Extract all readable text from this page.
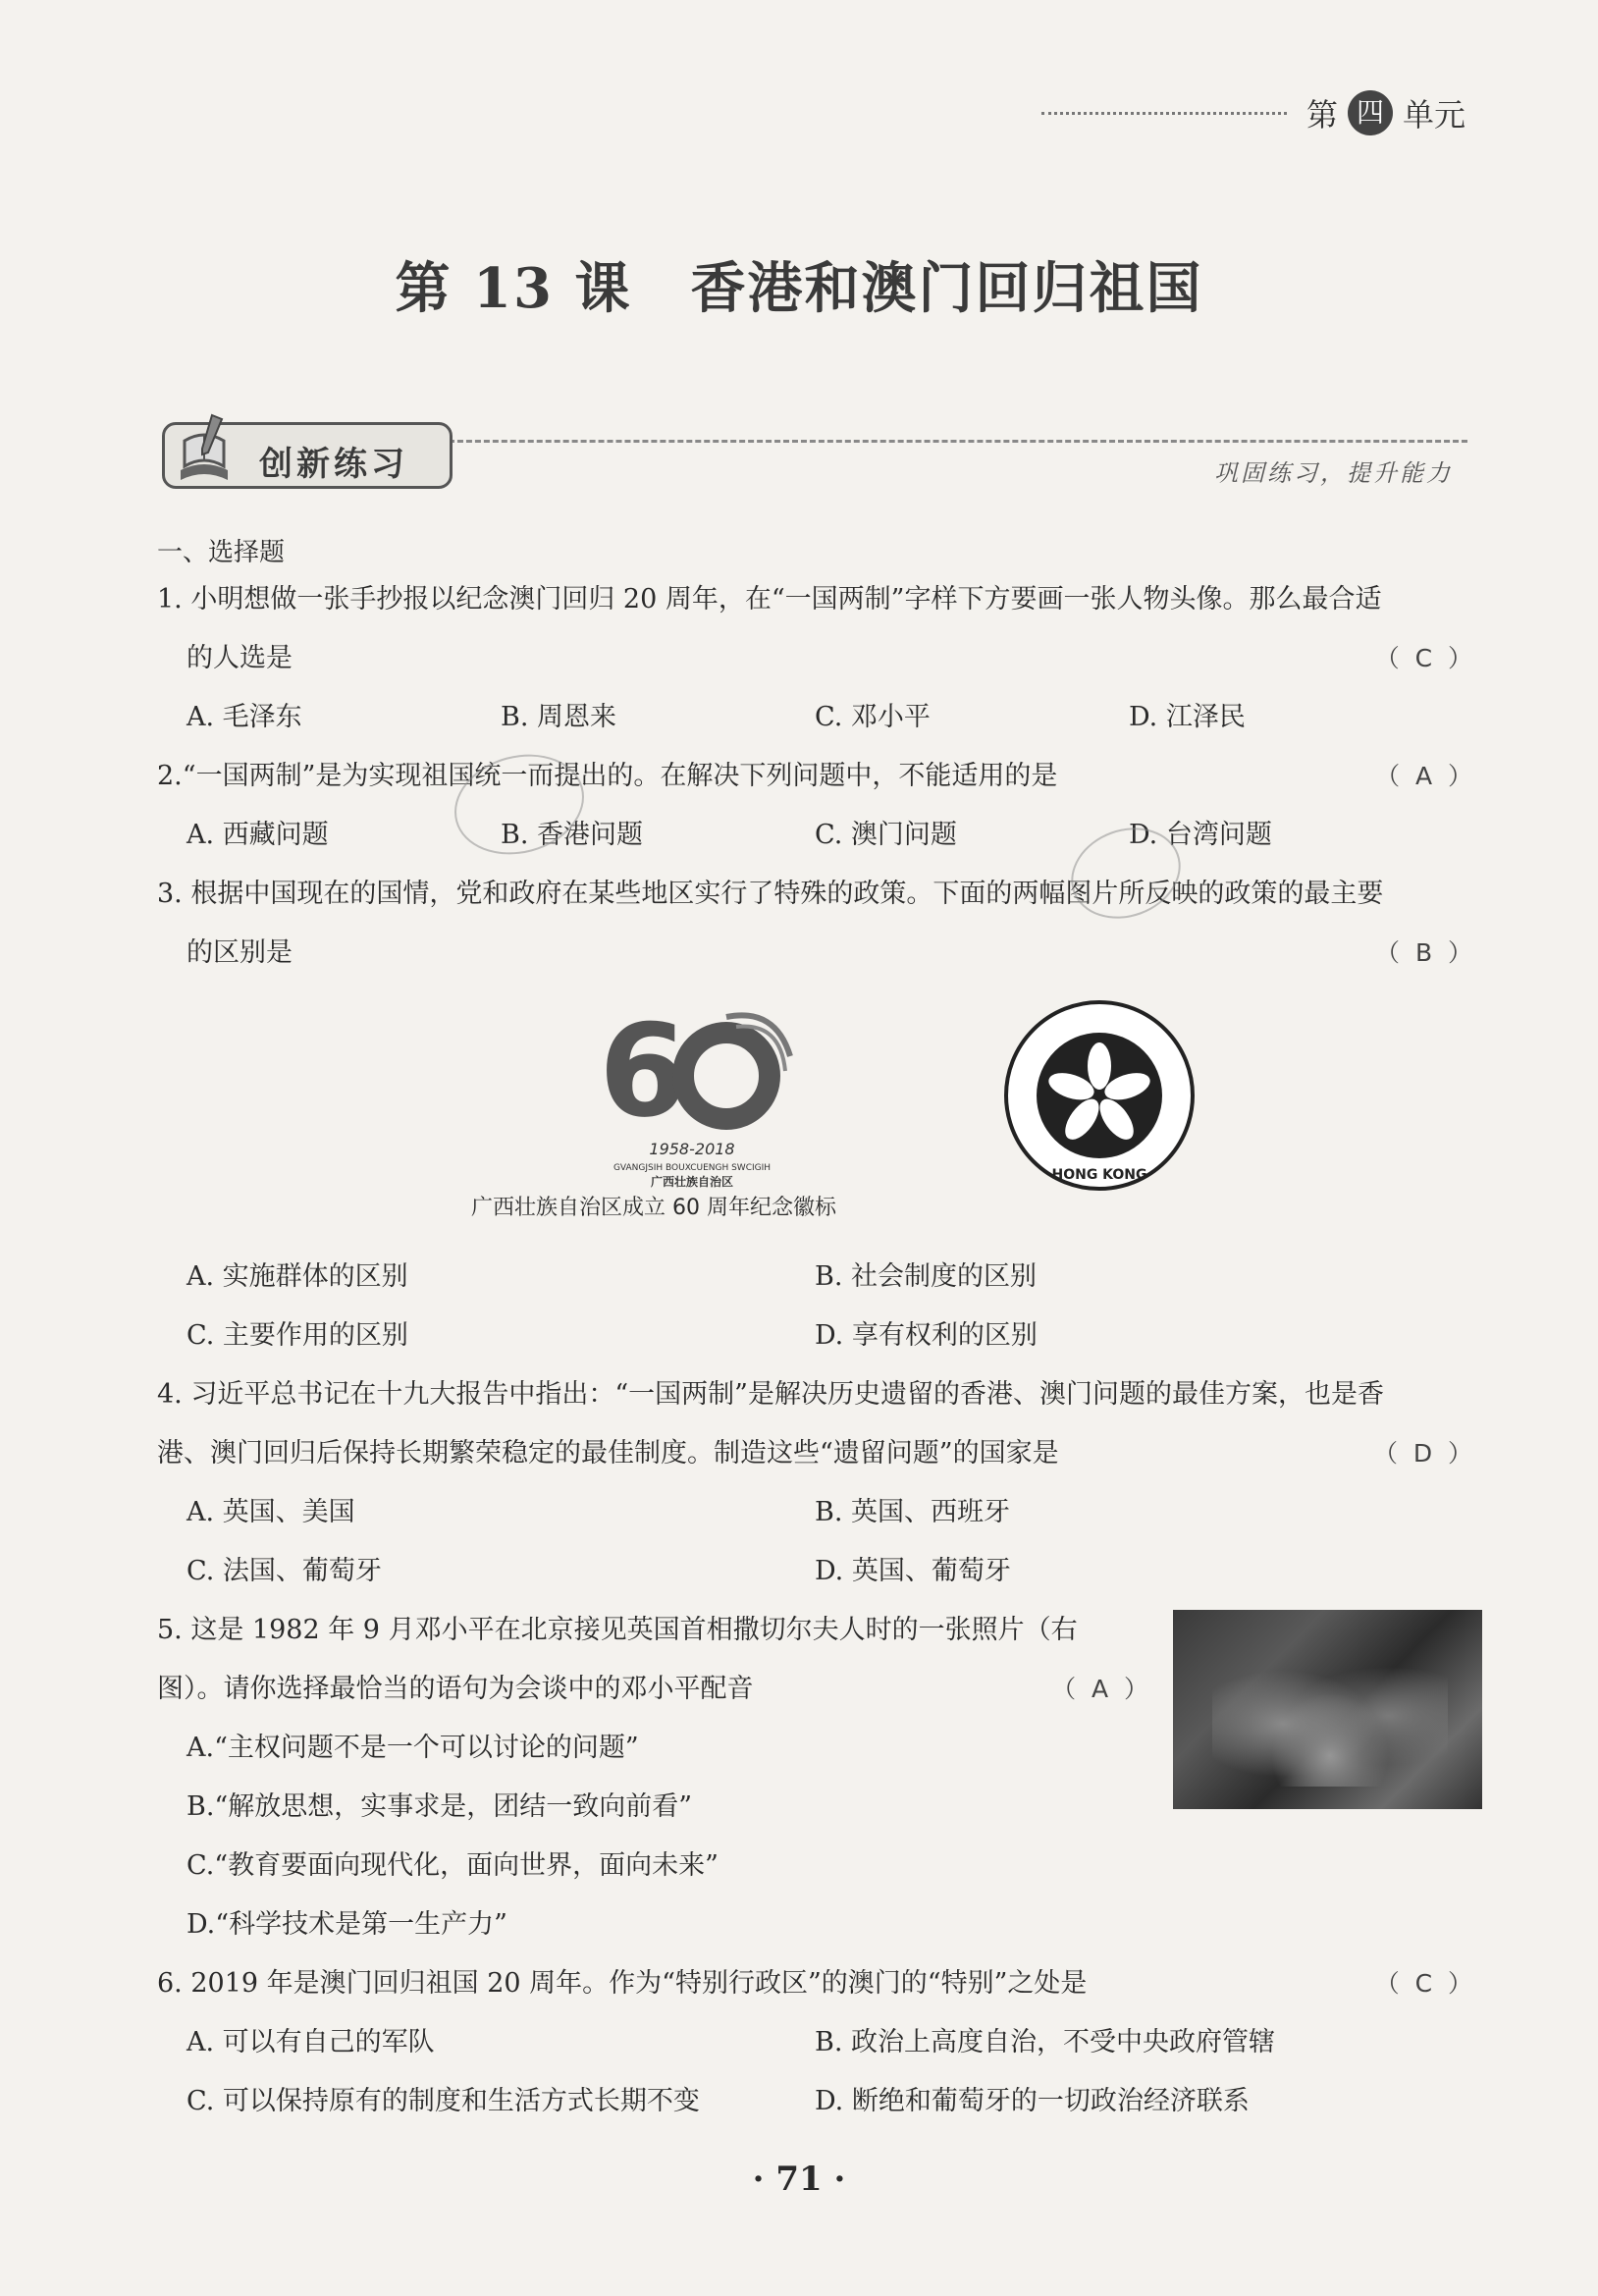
第 四 单元
第 13 课 香港和澳门回归祖国
创新练习	巩固练习，提升能力

一、选择题

1. 小明想做一张手抄报以纪念澳门回归 20 周年，在“一国两制”字样下方要画一张人物头像。那么最合适

的人选是	（  C  ）

A. 毛泽东	B. 周恩来	C. 邓小平	D. 江泽民

2.“一国两制”是为实现祖国统一而提出的。在解决下列问题中，不能适用的是	（  A  ）

A. 西藏问题	B. 香港问题	C. 澳门问题	D. 台湾问题

3. 根据中国现在的国情，党和政府在某些地区实行了特殊的政策。下面的两幅图片所反映的政策的最主要

的区别是	（  B  ）

6
1958-2018
GVANGJSIH BOUXCUENGH SWCIGIH
广西壮族自治区
广西壮族自治区成立 60 周年纪念徽标
HONG KONG
A. 实施群体的区别	B. 社会制度的区别
C. 主要作用的区别	D. 享有权利的区别

4. 习近平总书记在十九大报告中指出：“一国两制”是解决历史遗留的香港、澳门问题的最佳方案，也是香

港、澳门回归后保持长期繁荣稳定的最佳制度。制造这些“遗留问题”的国家是	（  D  ）

A. 英国、美国	B. 英国、西班牙
C. 法国、葡萄牙	D. 英国、葡萄牙

5. 这是 1982 年 9 月邓小平在北京接见英国首相撒切尔夫人时的一张照片（右

图）。请你选择最恰当的语句为会谈中的邓小平配音	（  A  ）

A.“主权问题不是一个可以讨论的问题”

B.“解放思想，实事求是，团结一致向前看”

C.“教育要面向现代化，面向世界，面向未来”

D.“科学技术是第一生产力”

6. 2019 年是澳门回归祖国 20 周年。作为“特别行政区”的澳门的“特别”之处是	（  C  ）

A. 可以有自己的军队	B. 政治上高度自治，不受中央政府管辖
C. 可以保持原有的制度和生活方式长期不变	D. 断绝和葡萄牙的一切政治经济联系
· 71 ·
